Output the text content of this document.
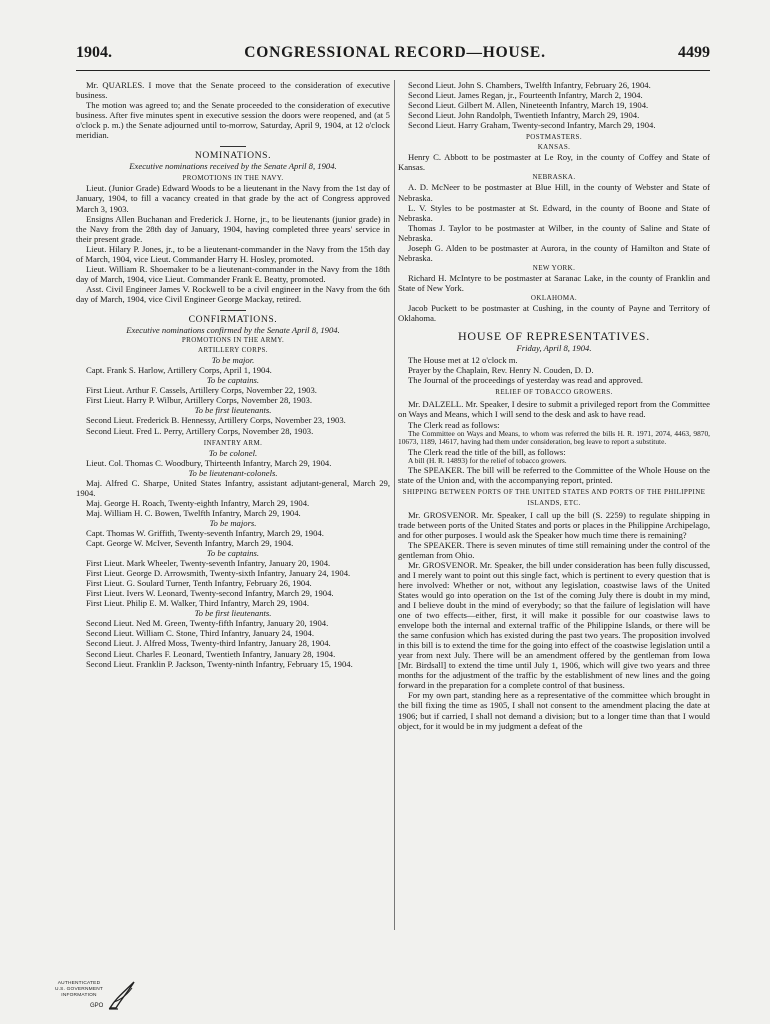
1904.	CONGRESSIONAL RECORD—HOUSE.	4499

Mr. QUARLES. I move that the Senate proceed to the consideration of executive business.

The motion was agreed to; and the Senate proceeded to the consideration of executive business. After five minutes spent in executive session the doors were reopened, and (at 5 o'clock p. m.) the Senate adjourned until to-morrow, Saturday, April 9, 1904, at 12 o'clock meridian.

NOMINATIONS.

Executive nominations received by the Senate April 8, 1904.

PROMOTIONS IN THE NAVY.

Lieut. (Junior Grade) Edward Woods to be a lieutenant in the Navy from the 1st day of January, 1904, to fill a vacancy created in that grade by the act of Congress approved March 3, 1903.

Ensigns Allen Buchanan and Frederick J. Horne, jr., to be lieutenants (junior grade) in the Navy from the 28th day of January, 1904, having completed three years' service in their present grade.

Lieut. Hilary P. Jones, jr., to be a lieutenant-commander in the Navy from the 15th day of March, 1904, vice Lieut. Commander Harry H. Hosley, promoted.

Lieut. William R. Shoemaker to be a lieutenant-commander in the Navy from the 18th day of March, 1904, vice Lieut. Commander Frank E. Beatty, promoted.

Asst. Civil Engineer James V. Rockwell to be a civil engineer in the Navy from the 6th day of March, 1904, vice Civil Engineer George Mackay, retired.

CONFIRMATIONS.

Executive nominations confirmed by the Senate April 8, 1904.

PROMOTIONS IN THE ARMY.

ARTILLERY CORPS.

To be major.

Capt. Frank S. Harlow, Artillery Corps, April 1, 1904.

To be captains.

First Lieut. Arthur F. Cassels, Artillery Corps, November 22, 1903.

First Lieut. Harry P. Wilbur, Artillery Corps, November 28, 1903.

To be first lieutenants.

Second Lieut. Frederick B. Hennessy, Artillery Corps, November 23, 1903.

Second Lieut. Fred L. Perry, Artillery Corps, November 28, 1903.

INFANTRY ARM.

To be colonel.

Lieut. Col. Thomas C. Woodbury, Thirteenth Infantry, March 29, 1904.

To be lieutenant-colonels.

Maj. Alfred C. Sharpe, United States Infantry, assistant adjutant-general, March 29, 1904.

Maj. George H. Roach, Twenty-eighth Infantry, March 29, 1904.

Maj. William H. C. Bowen, Twelfth Infantry, March 29, 1904.

To be majors.

Capt. Thomas W. Griffith, Twenty-seventh Infantry, March 29, 1904.

Capt. George W. McIver, Seventh Infantry, March 29, 1904.

To be captains.

First Lieut. Mark Wheeler, Twenty-seventh Infantry, January 20, 1904.

First Lieut. George D. Arrowsmith, Twenty-sixth Infantry, January 24, 1904.

First Lieut. G. Soulard Turner, Tenth Infantry, February 26, 1904.

First Lieut. Ivers W. Leonard, Twenty-second Infantry, March 29, 1904.

First Lieut. Philip E. M. Walker, Third Infantry, March 29, 1904.

To be first lieutenants.

Second Lieut. Ned M. Green, Twenty-fifth Infantry, January 20, 1904.

Second Lieut. William C. Stone, Third Infantry, January 24, 1904.

Second Lieut. J. Alfred Moss, Twenty-third Infantry, January 28, 1904.

Second Lieut. Charles F. Leonard, Twentieth Infantry, January 28, 1904.

Second Lieut. Franklin P. Jackson, Twenty-ninth Infantry, February 15, 1904.

Second Lieut. John S. Chambers, Twelfth Infantry, February 26, 1904.

Second Lieut. James Regan, jr., Fourteenth Infantry, March 2, 1904.

Second Lieut. Gilbert M. Allen, Nineteenth Infantry, March 19, 1904.

Second Lieut. John Randolph, Twentieth Infantry, March 29, 1904.

Second Lieut. Harry Graham, Twenty-second Infantry, March 29, 1904.

POSTMASTERS.

KANSAS.

Henry C. Abbott to be postmaster at Le Roy, in the county of Coffey and State of Kansas.

NEBRASKA.

A. D. McNeer to be postmaster at Blue Hill, in the county of Webster and State of Nebraska.

L. V. Styles to be postmaster at St. Edward, in the county of Boone and State of Nebraska.

Thomas J. Taylor to be postmaster at Wilber, in the county of Saline and State of Nebraska.

Joseph G. Alden to be postmaster at Aurora, in the county of Hamilton and State of Nebraska.

NEW YORK.

Richard H. McIntyre to be postmaster at Saranac Lake, in the county of Franklin and State of New York.

OKLAHOMA.

Jacob Puckett to be postmaster at Cushing, in the county of Payne and Territory of Oklahoma.

HOUSE OF REPRESENTATIVES.

Friday, April 8, 1904.

The House met at 12 o'clock m.

Prayer by the Chaplain, Rev. Henry N. Couden, D. D.

The Journal of the proceedings of yesterday was read and approved.

RELIEF OF TOBACCO GROWERS.

Mr. DALZELL. Mr. Speaker, I desire to submit a privileged report from the Committee on Ways and Means, which I will send to the desk and ask to have read.

The Clerk read as follows:

The Committee on Ways and Means, to whom was referred the bills H. R. 1971, 2074, 4463, 9870, 10673, 1189, 14617, having had them under consideration, beg leave to report a substitute.

The Clerk read the title of the bill, as follows:

A bill (H. R. 14893) for the relief of tobacco growers.

The SPEAKER. The bill will be referred to the Committee of the Whole House on the state of the Union and, with the accompanying report, printed.

SHIPPING BETWEEN PORTS OF THE UNITED STATES AND PORTS OF THE PHILIPPINE ISLANDS, ETC.

Mr. GROSVENOR. Mr. Speaker, I call up the bill (S. 2259) to regulate shipping in trade between ports of the United States and ports or places in the Philippine Archipelago, and for other purposes. I would ask the Speaker how much time there is remaining?

The SPEAKER. There is seven minutes of time still remaining under the control of the gentleman from Ohio.

Mr. GROSVENOR. Mr. Speaker, the bill under consideration has been fully discussed, and I merely want to point out this single fact, which is pertinent to every question that is here involved: Whether or not, without any legislation, coastwise laws of the United States would go into operation on the 1st of the coming July there is doubt in my mind, and I believe doubt in the mind of everybody; so that the failure of legislation will have one of two effects—either, first, it will make it possible for our coastwise laws to envelope both the internal and external traffic of the Philippine Islands, or there will be the same confusion which has existed during the past two years. The proposition involved in this bill is to extend the time for the going into effect of the coastwise legislation until a year from next July. There will be an amendment offered by the gentleman from Iowa [Mr. Birdsall] to extend the time until July 1, 1906, which will give two years and three months for the adjustment of the traffic by the establishment of new lines and the going forward in the preparation for a complete control of that business.

For my own part, standing here as a representative of the committee which brought in the bill fixing the time as 1905, I shall not consent to the amendment placing the date at 1906; but if carried, I shall not demand a division; but to a longer time than that I would object, for it would be in my judgment a defeat of the

AUTHENTICATED
U.S. GOVERNMENT
INFORMATION
GPO
